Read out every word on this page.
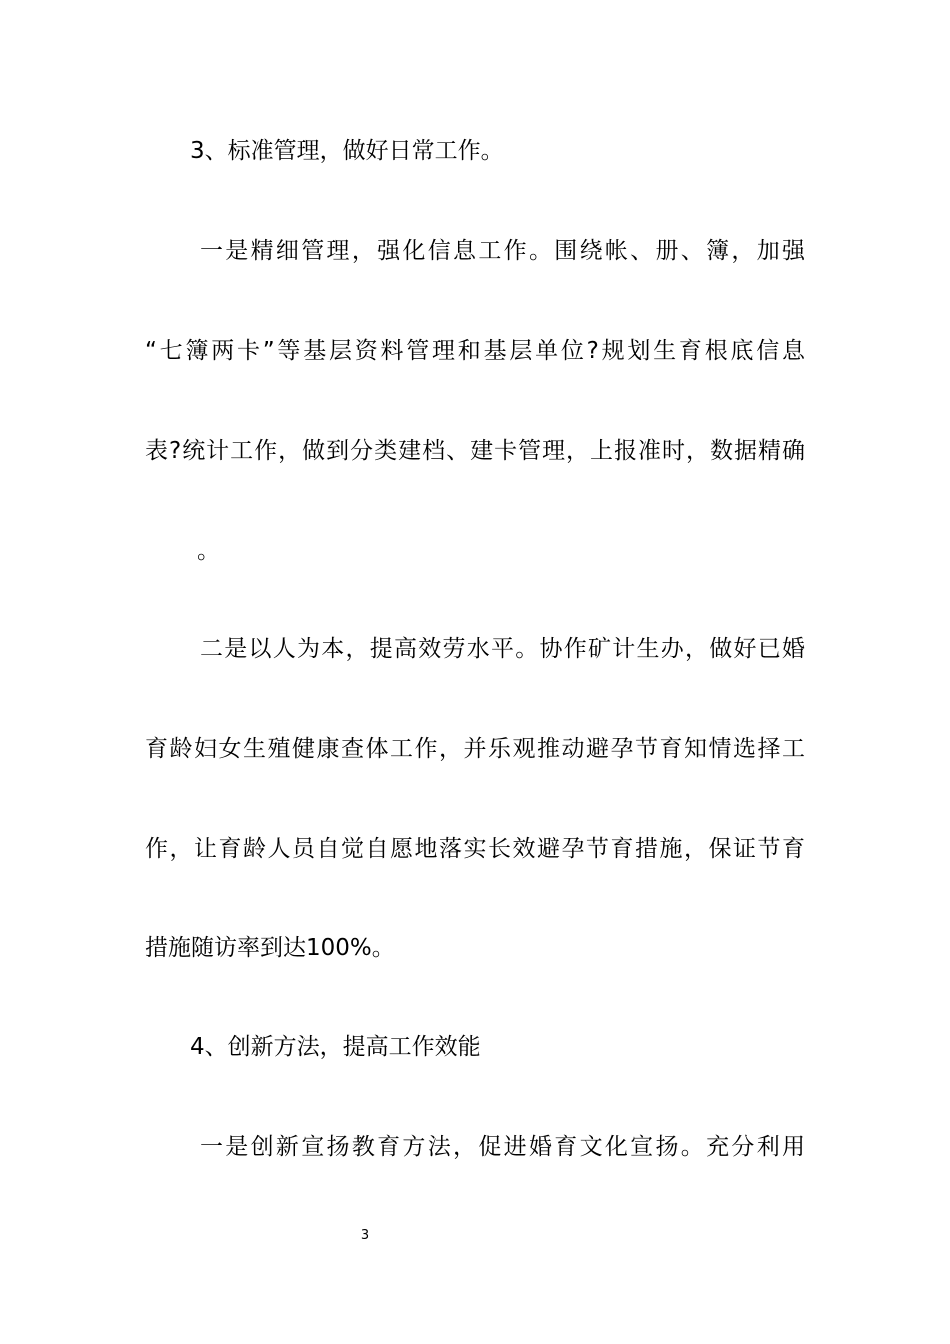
3、标准管理，做好日常工作。
一是精细管理，强化信息工作。围绕帐、册、簿，加强
“七簿两卡”等基层资料管理和基层单位?规划生育根底信息
表?统计工作，做到分类建档、建卡管理，上报准时，数据精确
。
二是以人为本，提高效劳水平。协作矿计生办，做好已婚
育龄妇女生殖健康查体工作，并乐观推动避孕节育知情选择工
作，让育龄人员自觉自愿地落实长效避孕节育措施，保证节育
措施随访率到达100%。
4、创新方法，提高工作效能
一是创新宣扬教育方法，促进婚育文化宣扬。充分利用
3
